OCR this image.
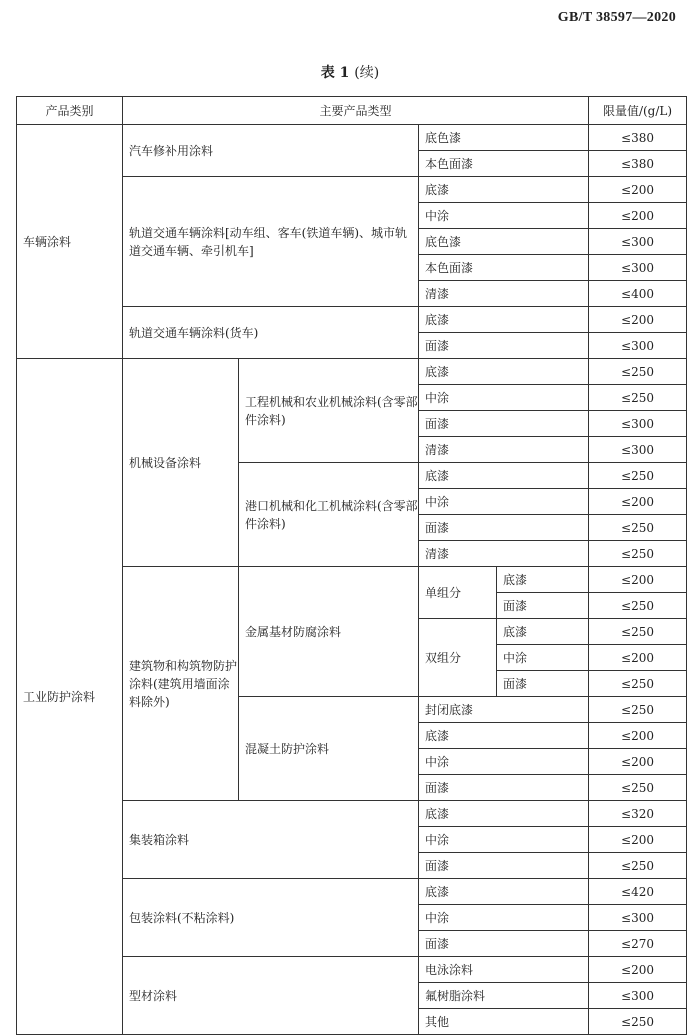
GB/T 38597—2020
表 1 (续)
产品类别	主要产品类型				限量值/(g/L)
车辆涂料	汽车修补用涂料		底色漆		≤380
			本色面漆		≤380
	轨道交通车辆涂料[动车组、客车(铁道车辆)、城市轨道交通车辆、牵引机车]		底漆		≤200
			中涂		≤200
			底色漆		≤300
			本色面漆		≤300
			清漆		≤400
	轨道交通车辆涂料(货车)		底漆		≤200
			面漆		≤300
工业防护涂料	机械设备涂料	工程机械和农业机械涂料(含零部件涂料)	底漆		≤250
			中涂		≤250
			面漆		≤300
			清漆		≤300
		港口机械和化工机械涂料(含零部件涂料)	底漆		≤250
			中涂		≤200
			面漆		≤250
			清漆		≤250
	建筑物和构筑物防护涂料(建筑用墙面涂料除外)	金属基材防腐涂料	单组分	底漆	≤200
				面漆	≤250
			双组分	底漆	≤250
				中涂	≤200
				面漆	≤250
		混凝土防护涂料	封闭底漆		≤250
			底漆		≤200
			中涂		≤200
			面漆		≤250
	集装箱涂料		底漆		≤320
			中涂		≤200
			面漆		≤250
	包装涂料(不粘涂料)		底漆		≤420
			中涂		≤300
			面漆		≤270
	型材涂料		电泳涂料		≤200
			氟树脂涂料		≤300
			其他		≤250
